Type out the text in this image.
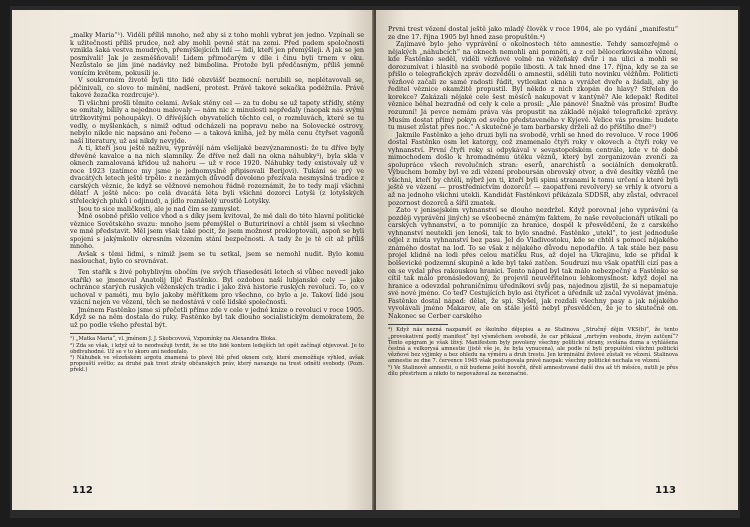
„malky Maria“¹). Viděli příliš mnoho, než aby si z toho mohli vybrat jen jedno. Vzpínali se k užitečnosti příliš prudce, než aby mohli pevně stát na zemi. Před padem spoločnosti vznikla šaká vestva moudrých, přemýšlejících lidí — lidí, kteří jen přemýšleji. A jak se jen posmívali! Jak je zesměšňovali! Lidem přimočarým v díle i činu byli trnem v oku. Nezůstalo se jim jiné nadávky než bimbolina. Protože byli předčasným, příliš jemně vonícím květem, pokusili je.

V soukromém životě byli tito lidé obzvlášť bezmocní: nerubili se, neplétavovali se, pěčinivali, co slovo to mínění, nadšení, protest. Právě takové sekačka podéžnila. Právě takové žezačka rozdrcuje²).

Ti všichni prošli těmito celami. Avšak stěny cel — za tu dobu se už tapety střídly, stěny se omítaly, bílily a nejednou malovaly — nám nic z minulosti nepředaly (naopak nás svými útržkovitými pohoupáky). O dřívějších obyvatelích těchto cel, o rozmluvách, které se tu vedly, o myšlenkách, s nimiž odtud odcházeli na popravu nebo na Solovecké ostrovy, nebylo nikde nic napsáno ani řečeno — a taková kniha, jež by měla cenu čtyřset vagonů naší literatury, už asi nikdy nevyjde.

A ti, kteří jsou ještě naživu, vyprávějí nám všelijaké bezvýznamnosti: že tu dříve byly dřevěné kavalce a na nich slamníky. Že dříve než dali na okna náhubky³), byla skla v oknech zamalovaná křídou už nahoru — už v roce 1920. Náhubky tedy existovaly už v roce 1923 (zatímco my jsme je jednomyslně připisovali Berijovi). Tukání se prý ve dvacátých letech ještě trpělo: z nezámých důvodů dovoleno přezívala nesmyslná tradice z carských věznic, že když se věžnové nemohou řádně rozeznámit, že to tedy mají všichni dělat! A ještě něco: po celá dvacátá léta byli všichni dozorci Lotyši (z lotyšských střeleckých pluků i odjinud), a jídlo roznášelý urostlé Lotyšky.

Jsou to sice maličkosti, ale je nad čím se zamyslet.

Mně osobně přišlo velice vhod a s díky jsem kvitoval, že mě dali do této hlavní politické věznice Sovětského svazu: mnoho jsem přemýšlel o Buturirinoví a chtěl jsem si všechno ve mně představit. Měl jsem však také pocit, že jsem možnost prokloptovali, aspoň se byli spojeni s jakýmkoliv okresním vězením stání bezpečnosti. A tady že je tě cit až příliš mnoho.

Avšak s těmi lidmi, s nimiž jsem se tu setkal, jsem se nemohl nudit. Bylo komu naslouchat, bylo co srovnávat.

Ten stařík s živé pohyblivým obočím (ve svých třiasedesáti letech si vůbec nevedl jako stařík) se jmenoval Anatolij Iljič Fastěnko. Byl ozdobou naší lubjanské cely — jako ochránce starých ruských věženských tradic i jako živá historie ruských revolucí. To, co v uchoval v paměti, mu bylo jakoby měřítkem pro všechno, co bylo a je. Takoví lidé jsou vzácní nejen ve vězení, těch se nedostává v celé lidské společnosti.

Jménem Fastěnko jsme si přečetli přímo zde v cele v jedné knize o revoluci v roce 1905. Když se na něm dostala do ruky. Fastěnko byl tak dlouho socialistickým demokratem, že už po podle všeho přestal být.

¹) „Matka Maria“, vl. jménem J. J. Skobcovová, Vzpomínky na Alexandra Bloka.

²) Zda se však, i když už to neodvažuji tvrdit, že se tito lidé kontem ledejších let opět začínají objevovat. Je to obdivuhodné. Už se v to skoro ani nedoufalo.

³) Náhubek ve vězeňském argotu znamená to plevé lité před oknem cely, které znemožňuje výhled, avšak propouští světlo; za druhé pak trest ztráty občanských práv, který navazuje na trest odnětí svobody. (Pozn. překl.)

112

Prvni trest vězení dostal ještě jako mladý člověk v roce 1904, ale po vydání „manifestu“ ze dne 17. října 1905 byl hned zase propuštěn.⁴)

Zajímavé bylo jeho vyprávění o okolnostech této amnestie. Tehdy samozřejmě o nějakých „náhubcích“ na oknech nemohli ani pomněti, a z cel bělocerkovského vězení, kde Fastěnko seděl, viděli vězňové volně na věžeňský dvůr i na ulici a mohli se dorozumívat i hlasitě na svobodě popile libosti. A tak hned dne 17. října, kdy se za se přišlo o telegrafických zpráv dozvěděli o amnestii, sdělili tuto novinku věžňům. Politicti vězňové začali ze samé radosti řádit, vytloukat okna a vyrážet dveře a žádali, aby je ředitel věznice okamžitě propustil. Byl někdo z nich zkopán do hlavy? Střelen do korekce? Zakázali nějaké cele šest měsíců nakupovat v kantýně? Ale kdepak! Ředitel věznice běhal bezradně od cely k cele a prosil: „Ale pánové! Snažně vás prosim! Buďte rozumní! Já pevce nemám práva vás propustit na základě nějaké telegrafické zprávy. Musím dostat přímý pokyn od svého představeného v Kyjevě. Velice vás prosim: budete tu muset zůstat přes noc.“ A skutečně je tam barbarsky drželi až do příštího dne!⁵)

Jakmile Fastěnko a jeho druzi byli na svobodě, vrhli se hned do revoluce. V roce 1906 dostal Fastěnko osm let katorgy, což znamenalo čtyři roky v okovech a čtyři roky ve vyhnanství. První čtyři roky si odpykával v sevastopolském centrále, kde v té době mimochodem došlo k hromadnému útěku věznů, který byl zorganizován zvenčí za spolupráce všech revolučních stran: eserů, anarchistů a sociálních demokratů. Výbuchem bomby byl ve zdi vězení proboursán obrovský otvor, a dvě desítky vězňů (ne všichni, kteří by chtěli, nýbrž jen ti, kteří byli spimi stranami k tomu určení a které byli ještě ve vězení — prostřednictvím dozorců! — zaopatřeni revolvery) se vrhly k otvoru a až na jednoho všichni utekli. Kandidát Fastěnkovi přikázala SDDSR, aby zůstal, odvracel pozornost dozorců a šířil zmatek.

Zato v jenisejském vyhnanství se dlouho nezdržel. Když porovnal jeho vyprávění (a později vyprávění jiných) se všeobecně známým faktem, že naše revolucionáři utíkali po carských vyhnanství, a to pomnijíc za hranice, dospěl k přesvědčení, že z carského vyhnanství neutekli jen lenoši, tak to bylo snadné. Fastěnko „utekl“, to jest jednoduše odjel z místa vyhnanství bez pasu. Jel do Vladivostoku, kde se chtěl s pomocí nějakého známého dostat na loď. To se však z nějakého důvodu nepodařilo. A tak stále bez pasu projel klidně na lodi přes celou matičku Rus, až dojel na Ukrajinu, kde se přidal k bolševické podzemní skupině a kde byl také zatčen. Soudruzi mu však opatřili cizí pas a on se vydal přes rakouskou hranici. Tento nápad byl tak málo nebezpečný a Fastěnko se cítil tak málo pronásledovaný, že projevil neuvěřitelnou lehkomyslnost: když dojel na hranice a odevzdal pohraničnímu úředníkovi svůj pas, najednou zjistil, že si nepamatuje své nové jméno. Co teď? Cestujících bylo asi čtyřicet a úředník už začal vyvolávat jména. Fastěnko dostal nápad: dělat, že spi. Slyšel, jak rozdali všechny pasy a jak nějakého vyvolávali jméno Makarov, ale on stále ještě nebyl přesvědčen, že je to skutečně on. Nakonec se Cerber carského

⁴) Když nás nezná nazpaměť ze školního dějepisu a ze Stalinova „Stručný dějin VKS(b)“, že tento „provokativní podlý manifest“ byl výsměchem svobodě, že car přikázal „mrtvým svobodu, živým zatčení“? Tento epigram je však lživý. Manifestem byly povoleny všechny politické strany, svolána duma a vyhlášena čestná a velkorysá amnestie (jistě vše je, že byla vynucena), ale podle ní byli propuštěni všichni politickí vězňové bez výjimky a bez ohledu na výměru a druh trestu. Jen kriminální živlové zůstali ve vězení. Stalinova amnestie ze dne 7. července 1945 však postupovala právě naopak: všechny politické nechala ve vězení.

⁵) Ve Stalinově amnestii, o níž budeme ještě hovořit, dřelí amnestované další dva až tři měsíce, nutili je přes dílu přestrhum a nikdo to nepovažoval za neoznačné.

113
